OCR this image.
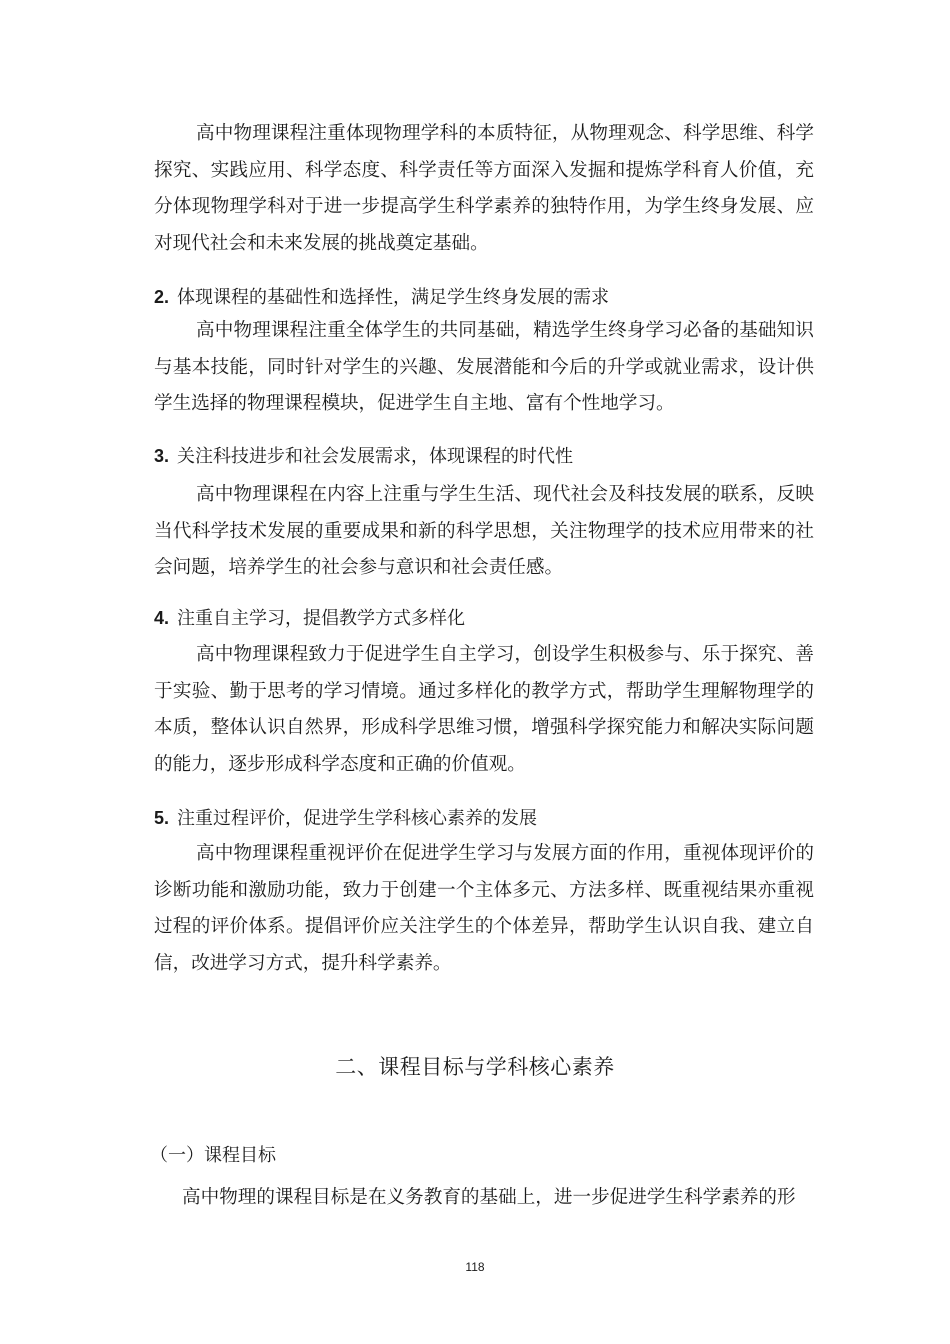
高中物理课程注重体现物理学科的本质特征，从物理观念、科学思维、科学探究、实践应用、科学态度、科学责任等方面深入发掘和提炼学科育人价值，充分体现物理学科对于进一步提高学生科学素养的独特作用，为学生终身发展、应对现代社会和未来发展的挑战奠定基础。

2. 体现课程的基础性和选择性，满足学生终身发展的需求

高中物理课程注重全体学生的共同基础，精选学生终身学习必备的基础知识与基本技能，同时针对学生的兴趣、发展潜能和今后的升学或就业需求，设计供学生选择的物理课程模块，促进学生自主地、富有个性地学习。

3. 关注科技进步和社会发展需求，体现课程的时代性

高中物理课程在内容上注重与学生生活、现代社会及科技发展的联系，反映当代科学技术发展的重要成果和新的科学思想，关注物理学的技术应用带来的社会问题，培养学生的社会参与意识和社会责任感。

4. 注重自主学习，提倡教学方式多样化

高中物理课程致力于促进学生自主学习，创设学生积极参与、乐于探究、善于实验、勤于思考的学习情境。通过多样化的教学方式，帮助学生理解物理学的本质，整体认识自然界，形成科学思维习惯，增强科学探究能力和解决实际问题的能力，逐步形成科学态度和正确的价值观。

5. 注重过程评价，促进学生学科核心素养的发展

高中物理课程重视评价在促进学生学习与发展方面的作用，重视体现评价的诊断功能和激励功能，致力于创建一个主体多元、方法多样、既重视结果亦重视过程的评价体系。提倡评价应关注学生的个体差异，帮助学生认识自我、建立自信，改进学习方式，提升科学素养。

二、课程目标与学科核心素养

（一）课程目标

高中物理的课程目标是在义务教育的基础上，进一步促进学生科学素养的形

118
